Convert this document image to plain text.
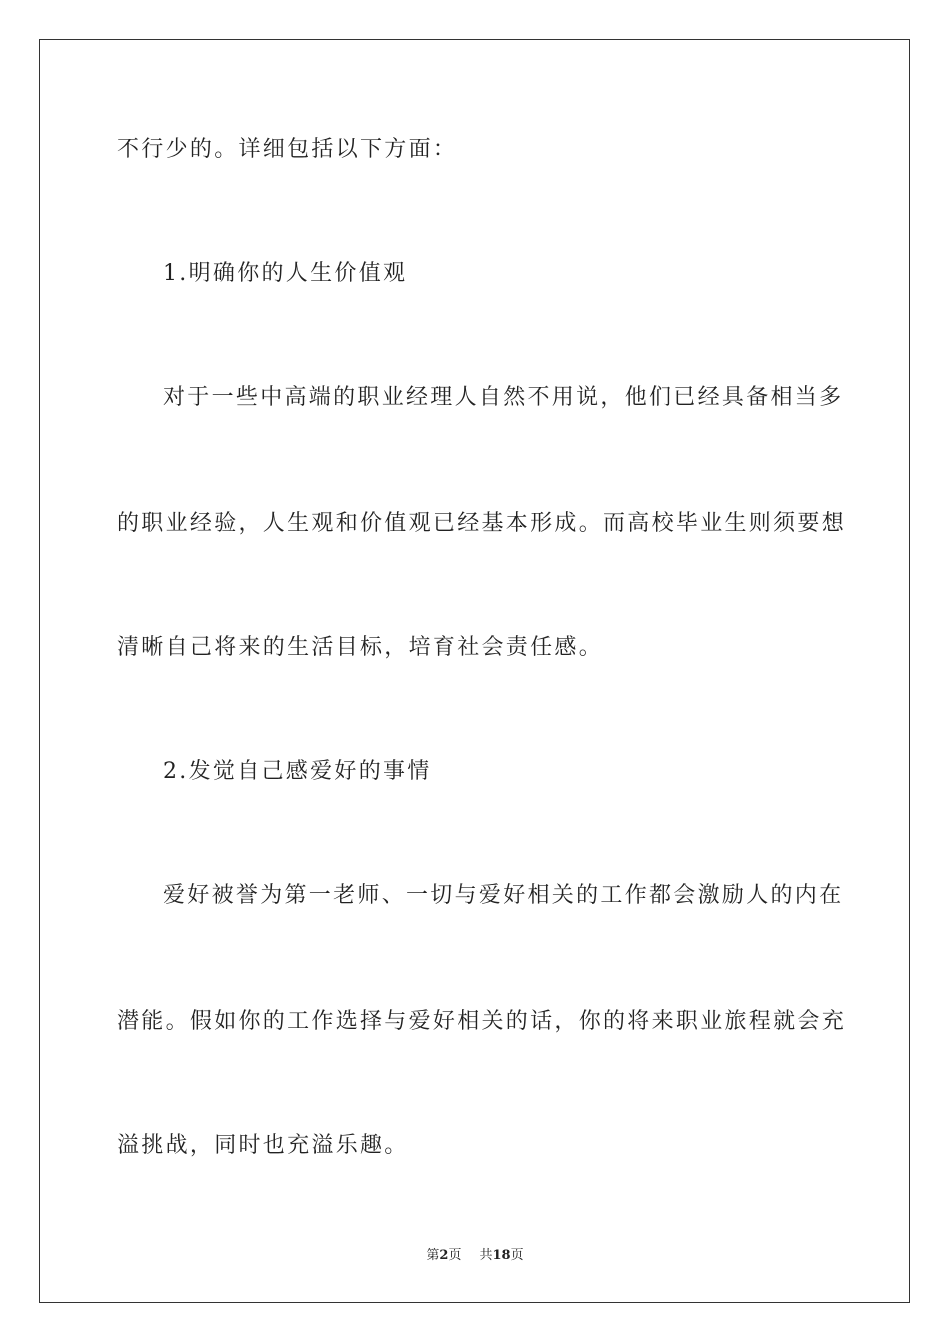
不行少的。详细包括以下方面：
1.明确你的人生价值观
对于一些中高端的职业经理人自然不用说，他们已经具备相当多
的职业经验，人生观和价值观已经基本形成。而高校毕业生则须要想
清晰自己将来的生活目标，培育社会责任感。
2.发觉自己感爱好的事情
爱好被誉为第一老师、一切与爱好相关的工作都会激励人的内在
潜能。假如你的工作选择与爱好相关的话，你的将来职业旅程就会充
溢挑战，同时也充溢乐趣。
第2页 共18页
